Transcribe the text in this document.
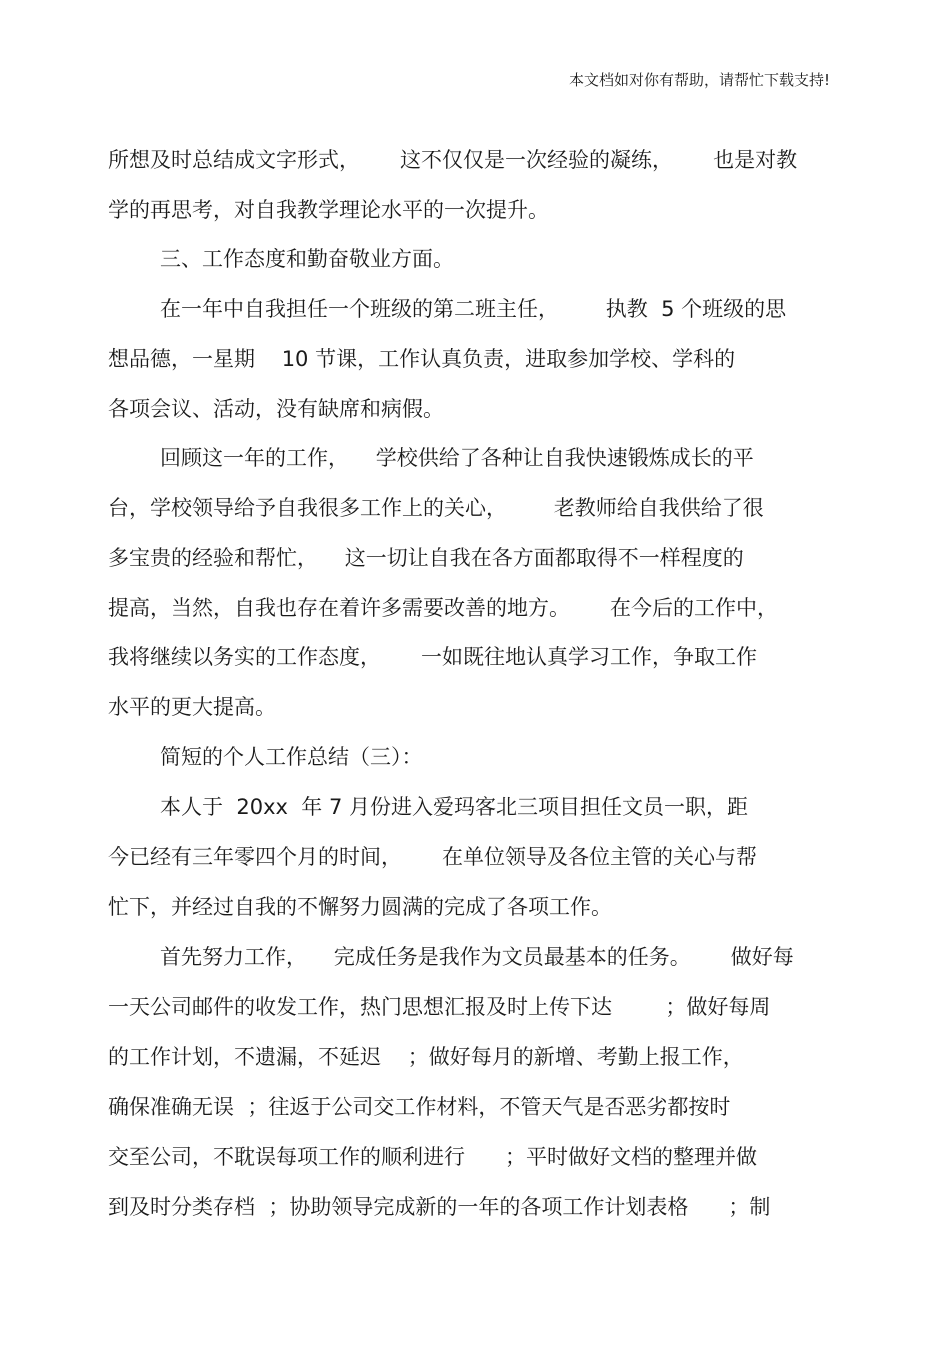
本文档如对你有帮助，请帮忙下载支持!
所想及时总结成文字形式，      这不仅仅是一次经验的凝练，      也是对教
学的再思考，对自我教学理论水平的一次提升。
三、工作态度和勤奋敬业方面。
在一年中自我担任一个班级的第二班主任，       执教  5 个班级的思
想品德，一星期    10 节课，工作认真负责，进取参加学校、学科的
各项会议、活动，没有缺席和病假。
回顾这一年的工作，    学校供给了各种让自我快速锻炼成长的平
台，学校领导给予自我很多工作上的关心，       老教师给自我供给了很
多宝贵的经验和帮忙，    这一切让自我在各方面都取得不一样程度的
提高，当然，自我也存在着许多需要改善的地方。      在今后的工作中，
我将继续以务实的工作态度，      一如既往地认真学习工作，争取工作
水平的更大提高。
简短的个人工作总结（三）：
本人于  20xx  年 7 月份进入爱玛客北三项目担任文员一职，距
今已经有三年零四个月的时间，      在单位领导及各位主管的关心与帮
忙下，并经过自我的不懈努力圆满的完成了各项工作。
首先努力工作，    完成任务是我作为文员最基本的任务。      做好每
一天公司邮件的收发工作，热门思想汇报及时上传下达        ；做好每周
的工作计划，不遗漏，不延迟    ；做好每月的新增、考勤上报工作，
确保准确无误  ；往返于公司交工作材料，不管天气是否恶劣都按时
交至公司，不耽误每项工作的顺利进行      ；平时做好文档的整理并做
到及时分类存档  ；协助领导完成新的一年的各项工作计划表格      ；制
